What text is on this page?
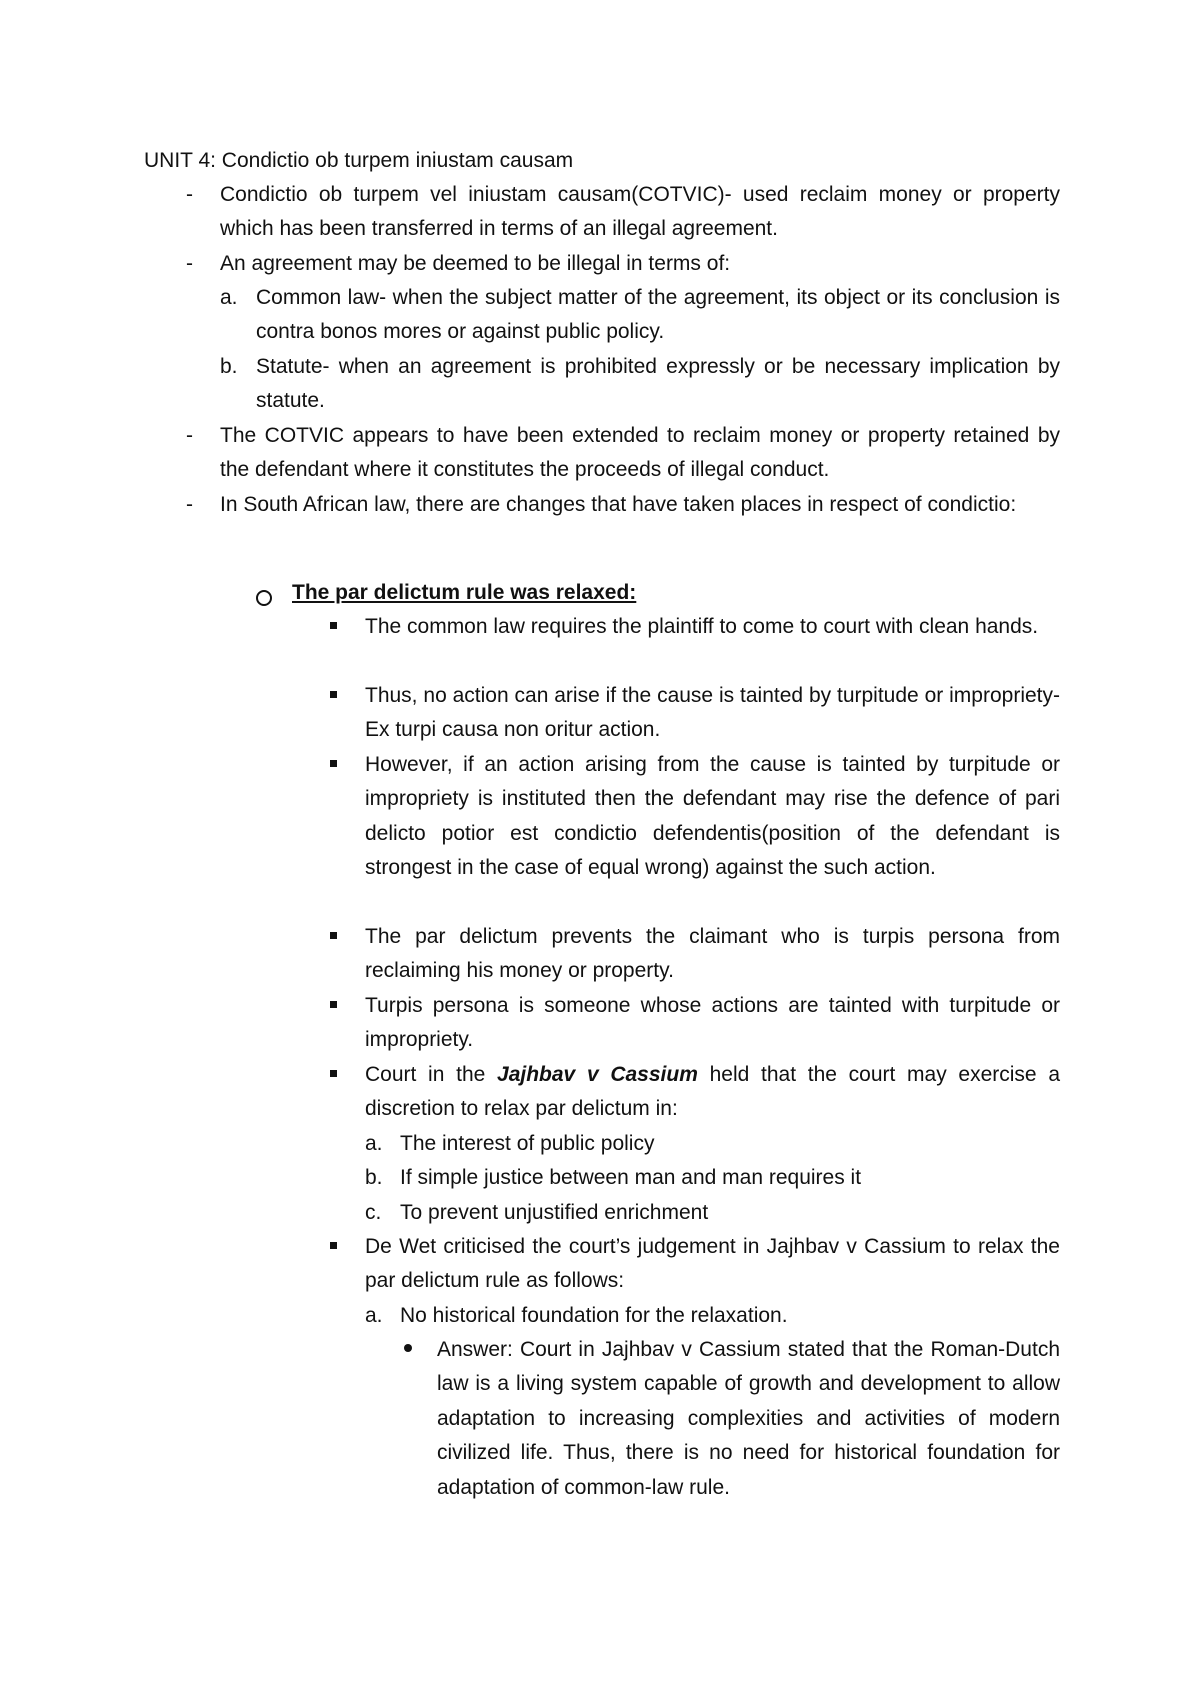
UNIT 4: Condictio ob turpem iniustam causam
- Condictio ob turpem vel iniustam causam(COTVIC)- used reclaim money or property which has been transferred in terms of an illegal agreement.

- An agreement may be deemed to be illegal in terms of:

a. Common law- when the subject matter of the agreement, its object or its conclusion is contra bonos mores or against public policy.

b. Statute- when an agreement is prohibited expressly or be necessary implication by statute.

- The COTVIC appears to have been extended to reclaim money or property retained by the defendant where it constitutes the proceeds of illegal conduct.

- In South African law, there are changes that have taken places in respect of condictio:

The par delictum rule was relaxed:

The common law requires the plaintiff to come to court with clean hands.

Thus, no action can arise if the cause is tainted by turpitude or impropriety- Ex turpi causa non oritur action.

However, if an action arising from the cause is tainted by turpitude or impropriety is instituted then the defendant may rise the defence of pari delicto potior est condictio defendentis(position of the defendant is strongest in the case of equal wrong) against the such action.

The par delictum prevents the claimant who is turpis persona from reclaiming his money or property.

Turpis persona is someone whose actions are tainted with turpitude or impropriety.

Court in the Jajhbav v Cassium held that the court may exercise a discretion to relax par delictum in:

a. The interest of public policy

b. If simple justice between man and man requires it

c. To prevent unjustified enrichment

De Wet criticised the court’s judgement in Jajhbav v Cassium to relax the par delictum rule as follows:

a. No historical foundation for the relaxation.

Answer: Court in Jajhbav v Cassium stated that the Roman-Dutch law is a living system capable of growth and development to allow adaptation to increasing complexities and activities of modern civilized life. Thus, there is no need for historical foundation for adaptation of common-law rule.
